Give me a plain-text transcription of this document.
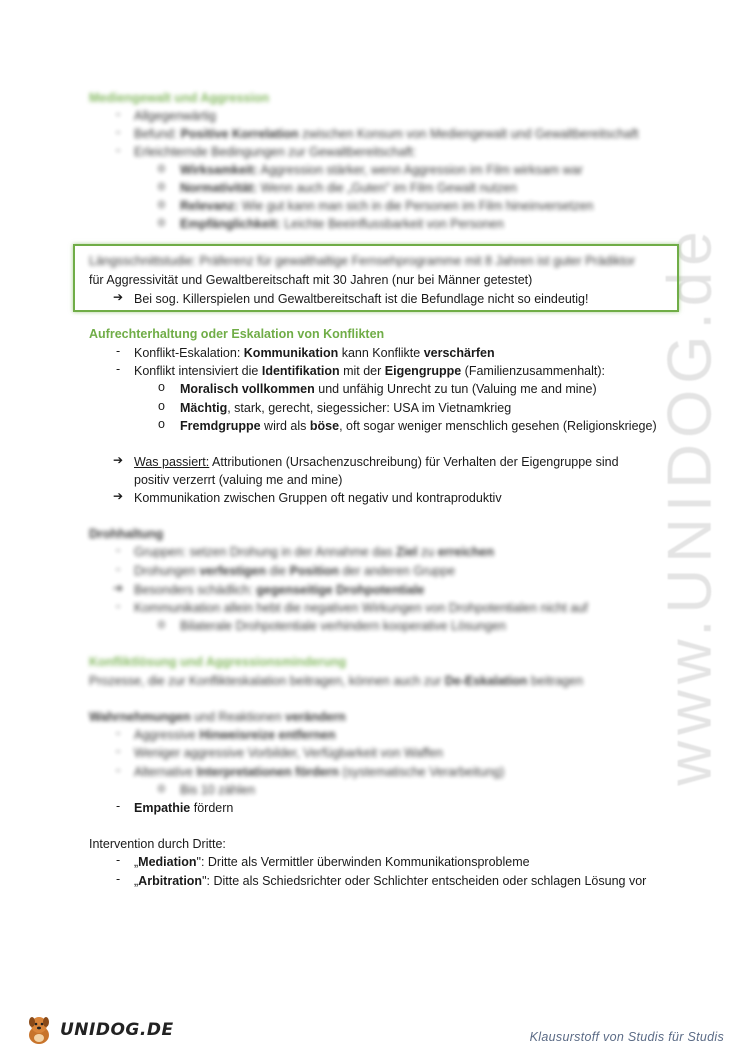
www.UNIDOG.de
Mediengewalt und Aggression
- Allgegenwärtig
- Befund: Positive Korrelation zwischen Konsum von Mediengewalt und Gewaltbereitschaft
- Erleichternde Bedingungen zur Gewaltbereitschaft:
o Wirksamkeit: Aggression stärker, wenn Aggression im Film wirksam war
o Normativität: Wenn auch die „Guten" im Film Gewalt nutzen
o Relevanz: Wie gut kann man sich in die Personen im Film hineinversetzen
o Empfänglichkeit: Leichte Beeinflussbarkeit von Personen
Längsschnittstudie: Präferenz für gewalthaltige Fernsehprogramme mit 8 Jahren ist guter Prädiktor
für Aggressivität und Gewaltbereitschaft mit 30 Jahren (nur bei Männer getestet)
➔ Bei sog. Killerspielen und Gewaltbereitschaft ist die Befundlage nicht so eindeutig!
Aufrechterhaltung oder Eskalation von Konflikten
- Konflikt-Eskalation: Kommunikation kann Konflikte verschärfen
- Konflikt intensiviert die Identifikation mit der Eigengruppe (Familienzusammenhalt):
o Moralisch vollkommen und unfähig Unrecht zu tun (Valuing me and mine)
o Mächtig, stark, gerecht, siegessicher: USA im Vietnamkrieg
o Fremdgruppe wird als böse, oft sogar weniger menschlich gesehen (Religionskriege)
➔ Was passiert: Attributionen (Ursachenzuschreibung) für Verhalten der Eigengruppe sind
positiv verzerrt (valuing me and mine)
➔ Kommunikation zwischen Gruppen oft negativ und kontraproduktiv
Drohhaltung
- Gruppen: setzen Drohung in der Annahme das Ziel zu erreichen
- Drohungen verfestigen die Position der anderen Gruppe
➔ Besonders schädlich: gegenseitige Drohpotentiale
- Kommunikation allein hebt die negativen Wirkungen von Drohpotentialen nicht auf
o Bilaterale Drohpotentiale verhindern kooperative Lösungen
Konfliktlösung und Aggressionsminderung
Prozesse, die zur Konflikteskalation beitragen, können auch zur De-Eskalation beitragen
Wahrnehmungen und Reaktionen verändern
- Aggressive Hinweisreize entfernen
- Weniger aggressive Vorbilder, Verfügbarkeit von Waffen
- Alternative Interpretationen fördern (systematische Verarbeitung)
o Bis 10 zählen
- Empathie fördern
Intervention durch Dritte:
- „Mediation": Dritte als Vermittler überwinden Kommunikationsprobleme
- „Arbitration": Ditte als Schiedsrichter oder Schlichter entscheiden oder schlagen Lösung vor
UNIDOG.DE	Klausurstoff von Studis für Studis
